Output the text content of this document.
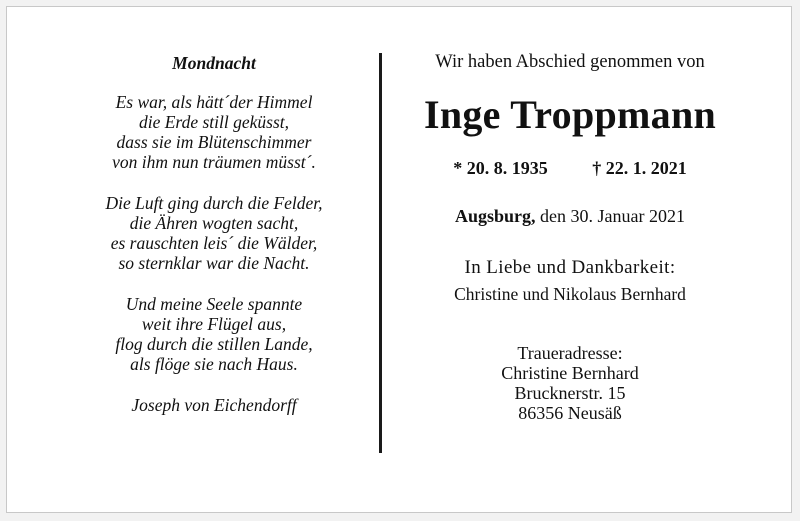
Mondnacht
Es war, als hätt´der Himmel
die Erde still geküsst,
dass sie im Blütenschimmer
von ihm nun träumen müsst´.
Die Luft ging durch die Felder,
die Ähren wogten sacht,
es rauschten leis´ die Wälder,
so sternklar war die Nacht.
Und meine Seele spannte
weit ihre Flügel aus,
flog durch die stillen Lande,
als flöge sie nach Haus.
Joseph von Eichendorff
Wir haben Abschied genommen von
Inge Troppmann
* 20. 8. 1935 † 22. 1. 2021
Augsburg, den 30. Januar 2021
In Liebe und Dankbarkeit:
Christine und Nikolaus Bernhard
Traueradresse:
Christine Bernhard
Brucknerstr. 15
86356 Neusäß
